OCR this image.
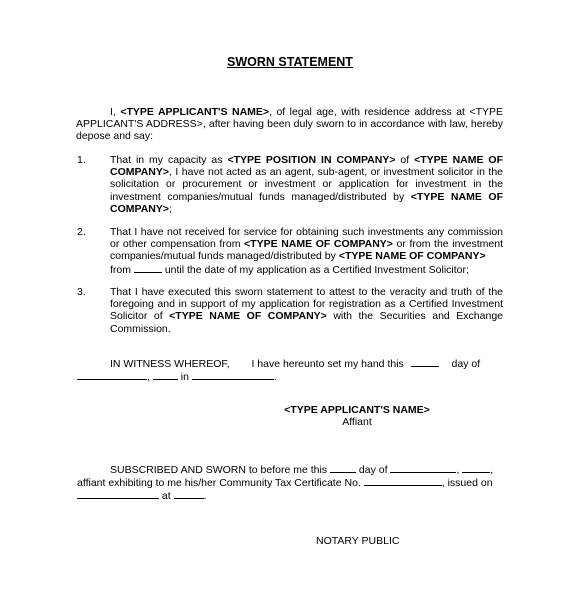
SWORN STATEMENT
I, <TYPE APPLICANT'S NAME>, of legal age, with residence address at <TYPE APPLICANT'S ADDRESS>, after having been duly sworn to in accordance with law, hereby depose and say:
1. That in my capacity as <TYPE POSITION IN COMPANY> of <TYPE NAME OF COMPANY>, I have not acted as an agent, sub-agent, or investment solicitor in the solicitation or procurement or investment or application for investment in the investment companies/mutual funds managed/distributed by <TYPE NAME OF COMPANY>;
2. That I have not received for service for obtaining such investments any commission or other compensation from <TYPE NAME OF COMPANY> or from the investment companies/mutual funds managed/distributed by <TYPE NAME OF COMPANY>
from	until the date of my application as a Certified Investment Solicitor;
3. That I have executed this sworn statement to attest to the veracity and truth of the foregoing and in support of my application for registration as a Certified Investment Solicitor of <TYPE NAME OF COMPANY> with the Securities and Exchange Commission.
IN WITNESS WHEREOF, I have hereunto set my hand this	day of
,	in	.
<TYPE APPLICANT'S NAME>
Affiant
SUBSCRIBED AND SWORN to before me this	day of	,	,
affiant exhibiting to me his/her Community Tax Certificate No.	, issued on
at	.
NOTARY PUBLIC
